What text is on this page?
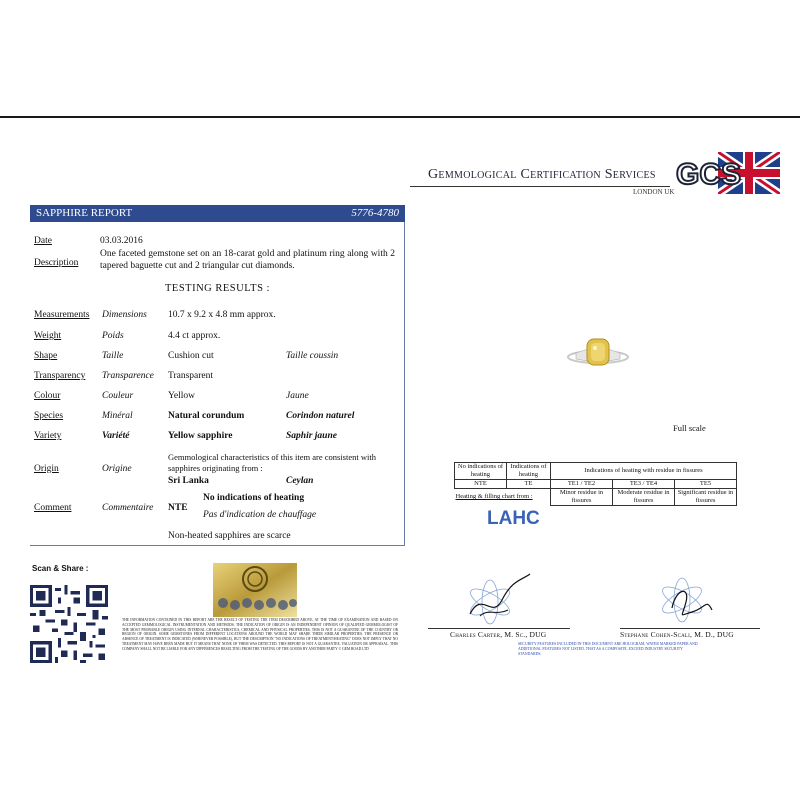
Gemmological Certification Services
LONDON UK
GCS
SAPPHIRE REPORT	5776-4780
Date	03.03.2016
Description
One faceted gemstone set on an 18-carat gold and platinum ring along with 2 tapered baguette cut and 2 triangular cut diamonds.
TESTING RESULTS :
Measurements Dimensions 10.7 x 9.2 x 4.8 mm approx.
Weight	Poids	4.4 ct approx.
Shape	Taille	Cushion cut	Taille coussin
Transparency Transparence Transparent
Colour	Couleur	Yellow	Jaune
Species	Minéral	Natural corundum	Corindon naturel
Variety	Variété	Yellow sapphire	Saphir jaune
Origin	Origine
Gemmological characteristics of this item are consistent with sapphires originating from :
Sri Lanka	Ceylan
Comment	Commentaire NTE
No indications of heating
Pas d'indication de chauffage
Non-heated sapphires are scarce
Full scale
No indications of heating	Indications of heating	Indications of heating with residue in fissures		
NTE	TE	TE1 / TE2	TE3 / TE4	TE5
Heating & filling chart from :		Minor residue in fissures	Moderate residue in fissures	Significant residue in fissures
LAHC
Scan & Share :
THE INFORMATION CONTAINED IN THIS REPORT ARE THE RESULT OF TESTING THE ITEM DESCRIBED ABOVE, AT THE TIME OF EXAMINATION AND BASED ON ACCEPTED GEMMOLOGICAL INSTRUMENTATION AND METHODS. THE INDICATION OF ORIGIN IS AN INDEPENDENT OPINION OF QUALIFIED GEMMOLOGIST OF THE MOST PROBABLE ORIGIN USING INTERNAL CHARACTERISTICS, CHEMICAL AND PHYSICAL PROPERTIES. THIS IS NOT A GUARANTEE OF THE COUNTRY OR REGION OF ORIGIN. SOME GEMSTONES FROM DIFFERENT LOCATIONS AROUND THE WORLD MAY SHARE THEIR SIMILAR PROPERTIES. THE PRESENCE OR ABSENCE OF TREATMENT IS INDICATED (WHENEVER POSSIBLE), BUT THE DESCRIPTION "NO INDICATIONS OF TREATMENT/HEATING" DOES NOT IMPLY THAT NO TREATMENT MAY HAVE BEEN MADE BUT IT MEANS THAT NONE OF THEM WAS DETECTED. THIS REPORT IS NOT A GUARANTEE, VALUATION OR APPRAISAL. THIS COMPANY SHALL NOT BE LIABLE FOR ANY DIFFERENCES RESULTING FROM THE TESTING OF THE GOODS BY ANOTHER PARTY © GEM ROAD LTD
Charles Carter, M. Sc., DUG	Stephane Cohen-Scali, M. D., DUG
SECURITY FEATURES INCLUDED IN THIS DOCUMENT ARE HOLOGRAM, WATER MARKED PAPER AND ADDITIONAL FEATURES NOT LISTED, THAT AS A COMPOSITE, EXCEED INDUSTRY SECURITY STANDARDS.
